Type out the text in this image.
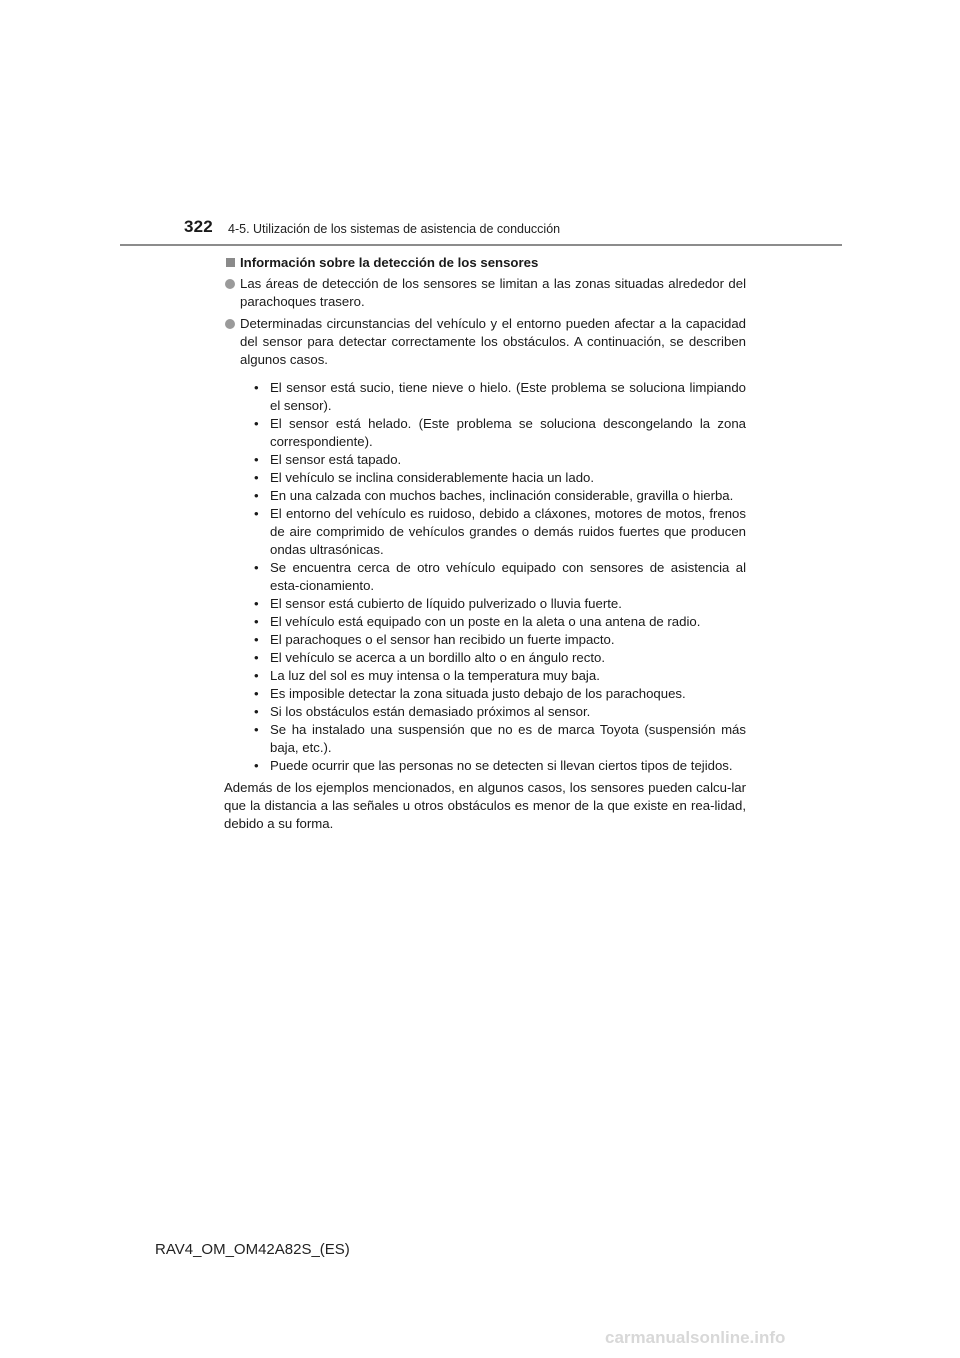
322 4-5. Utilización de los sistemas de asistencia de conducción
Información sobre la detección de los sensores
Las áreas de detección de los sensores se limitan a las zonas situadas alrededor del parachoques trasero.
Determinadas circunstancias del vehículo y el entorno pueden afectar a la capacidad del sensor para detectar correctamente los obstáculos. A continuación, se describen algunos casos.
• El sensor está sucio, tiene nieve o hielo. (Este problema se soluciona limpiando el sensor).
• El sensor está helado. (Este problema se soluciona descongelando la zona correspondiente).
• El sensor está tapado.
• El vehículo se inclina considerablemente hacia un lado.
• En una calzada con muchos baches, inclinación considerable, gravilla o hierba.
• El entorno del vehículo es ruidoso, debido a cláxones, motores de motos, frenos de aire comprimido de vehículos grandes o demás ruidos fuertes que producen ondas ultrasónicas.
• Se encuentra cerca de otro vehículo equipado con sensores de asistencia al esta-cionamiento.
• El sensor está cubierto de líquido pulverizado o lluvia fuerte.
• El vehículo está equipado con un poste en la aleta o una antena de radio.
• El parachoques o el sensor han recibido un fuerte impacto.
• El vehículo se acerca a un bordillo alto o en ángulo recto.
• La luz del sol es muy intensa o la temperatura muy baja.
• Es imposible detectar la zona situada justo debajo de los parachoques.
• Si los obstáculos están demasiado próximos al sensor.
• Se ha instalado una suspensión que no es de marca Toyota (suspensión más baja, etc.).
• Puede ocurrir que las personas no se detecten si llevan ciertos tipos de tejidos.
Además de los ejemplos mencionados, en algunos casos, los sensores pueden calcu-lar que la distancia a las señales u otros obstáculos es menor de la que existe en rea-lidad, debido a su forma.
RAV4_OM_OM42A82S_(ES)
carmanualsonline.info
